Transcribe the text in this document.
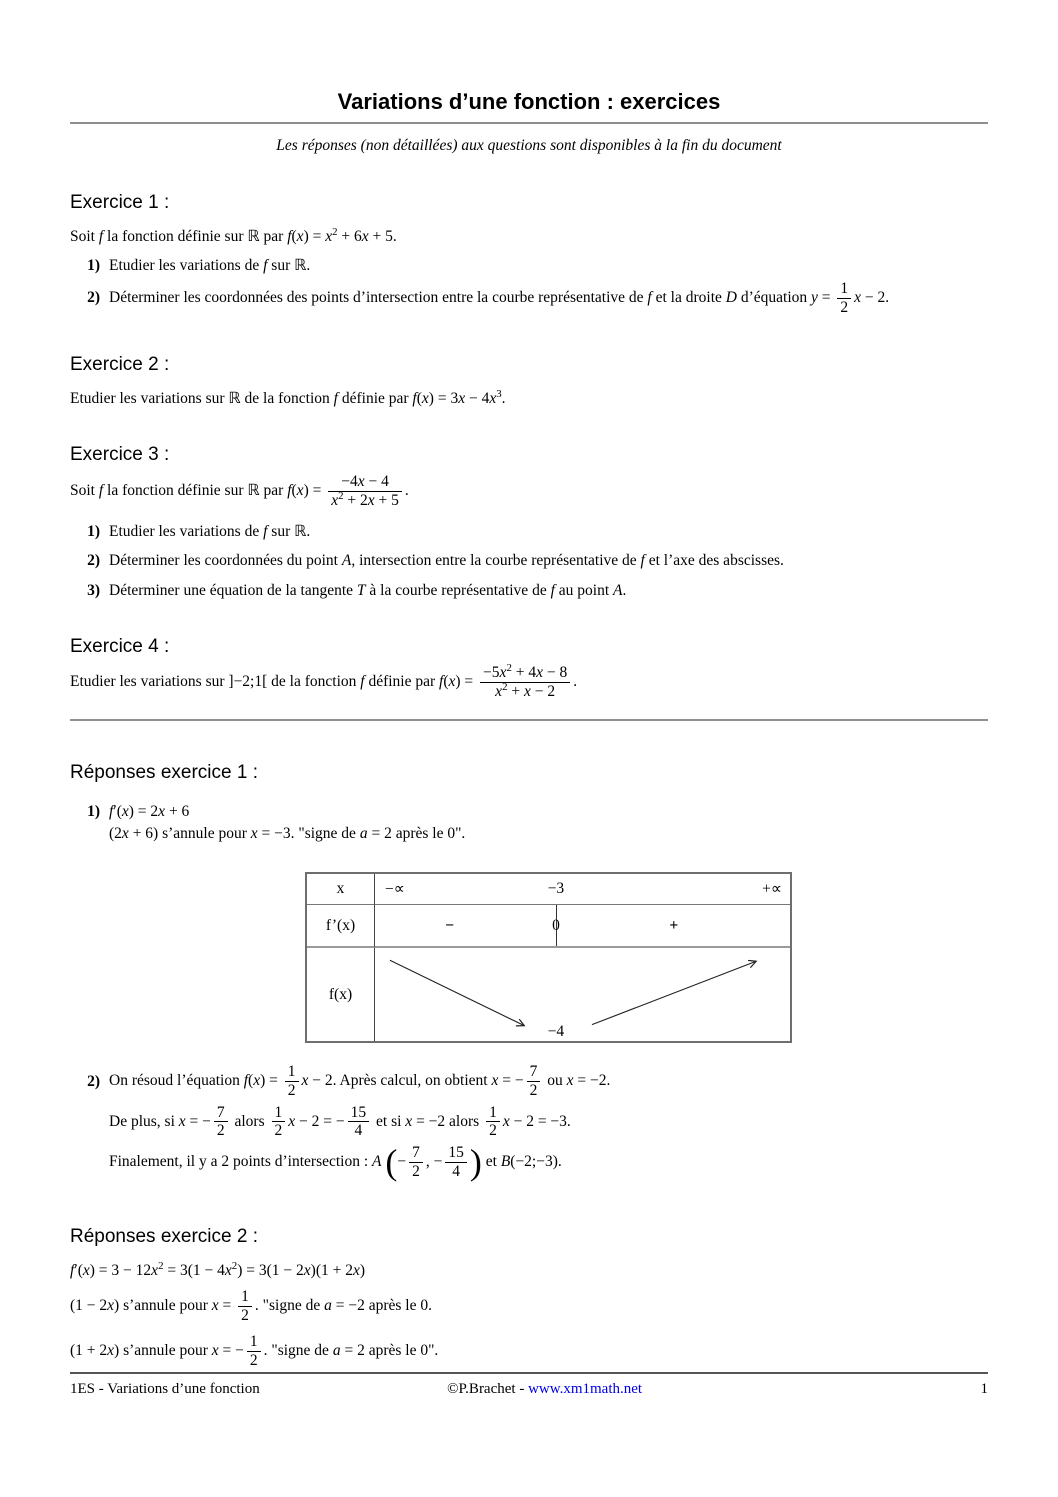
Variations d’une fonction : exercices
Les réponses (non détaillées) aux questions sont disponibles à la fin du document
Exercice 1 :
Soit f la fonction définie sur ℝ par $f(x) = x^2 + 6x + 5$.
1) Etudier les variations de f sur ℝ.
2) Déterminer les coordonnées des points d’intersection entre la courbe représentative de f et la droite D d’équation $y = \frac{1}{2}$ x − 2.
Exercice 2 :
Etudier les variations sur ℝ de la fonction f définie par $f(x) = 3x - 4x^3$.
Exercice 3 :
Soit f la fonction définie sur ℝ par $f(x) = \frac{-4x - 4}{x^2 + 2x + 5}$ .
1) Etudier les variations de f sur ℝ.
2) Déterminer les coordonnées du point A, intersection entre la courbe représentative de f et l’axe des abscisses.
3) Déterminer une équation de la tangente T à la courbe représentative de f au point A.
Exercice 4 :
Etudier les variations sur ]−2;1[ de la fonction f définie par $f(x) = \frac{-5x^2 + 4x - 8}{x^2 + x - 2}$ .
Réponses exercice 1 :
1) f′(x) = 2x + 6
(2x + 6) s’annule pour x = −3. "signe de a = 2 après le 0".
x	−∝	−3	+∝
f’(x)	−	0	+
f(x)
−4
2) On résoud l’équation $f(x) = \frac{1}{2}$ x − 2. Après calcul, on obtient x = − $\frac{7}{2}$ ou x = −2.
De plus, si x = − $\frac{7}{2}$ alors $\frac{1}{2}$ x − 2 = − $\frac{15}{4}$ et si x = −2 alors $\frac{1}{2}$ x − 2 = −3.
Finalement, il y a 2 points d’intersection : A (− $\frac{7}{2}$ , − $\frac{15}{4}$ ) et B(−2;−3).
Réponses exercice 2 :
$f'(x) = 3 - 12x^2 = 3(1 - 4x^2) = 3(1 - 2x)(1 + 2x)$
(1 − 2x) s’annule pour $x = \frac{1}{2}$ . "signe de a = −2 après le 0.
(1 + 2x) s’annule pour x = − $\frac{1}{2}$ . "signe de a = 2 après le 0".
1ES - Variations d’une fonction	©P.Brachet - www.xm1math.net	1
